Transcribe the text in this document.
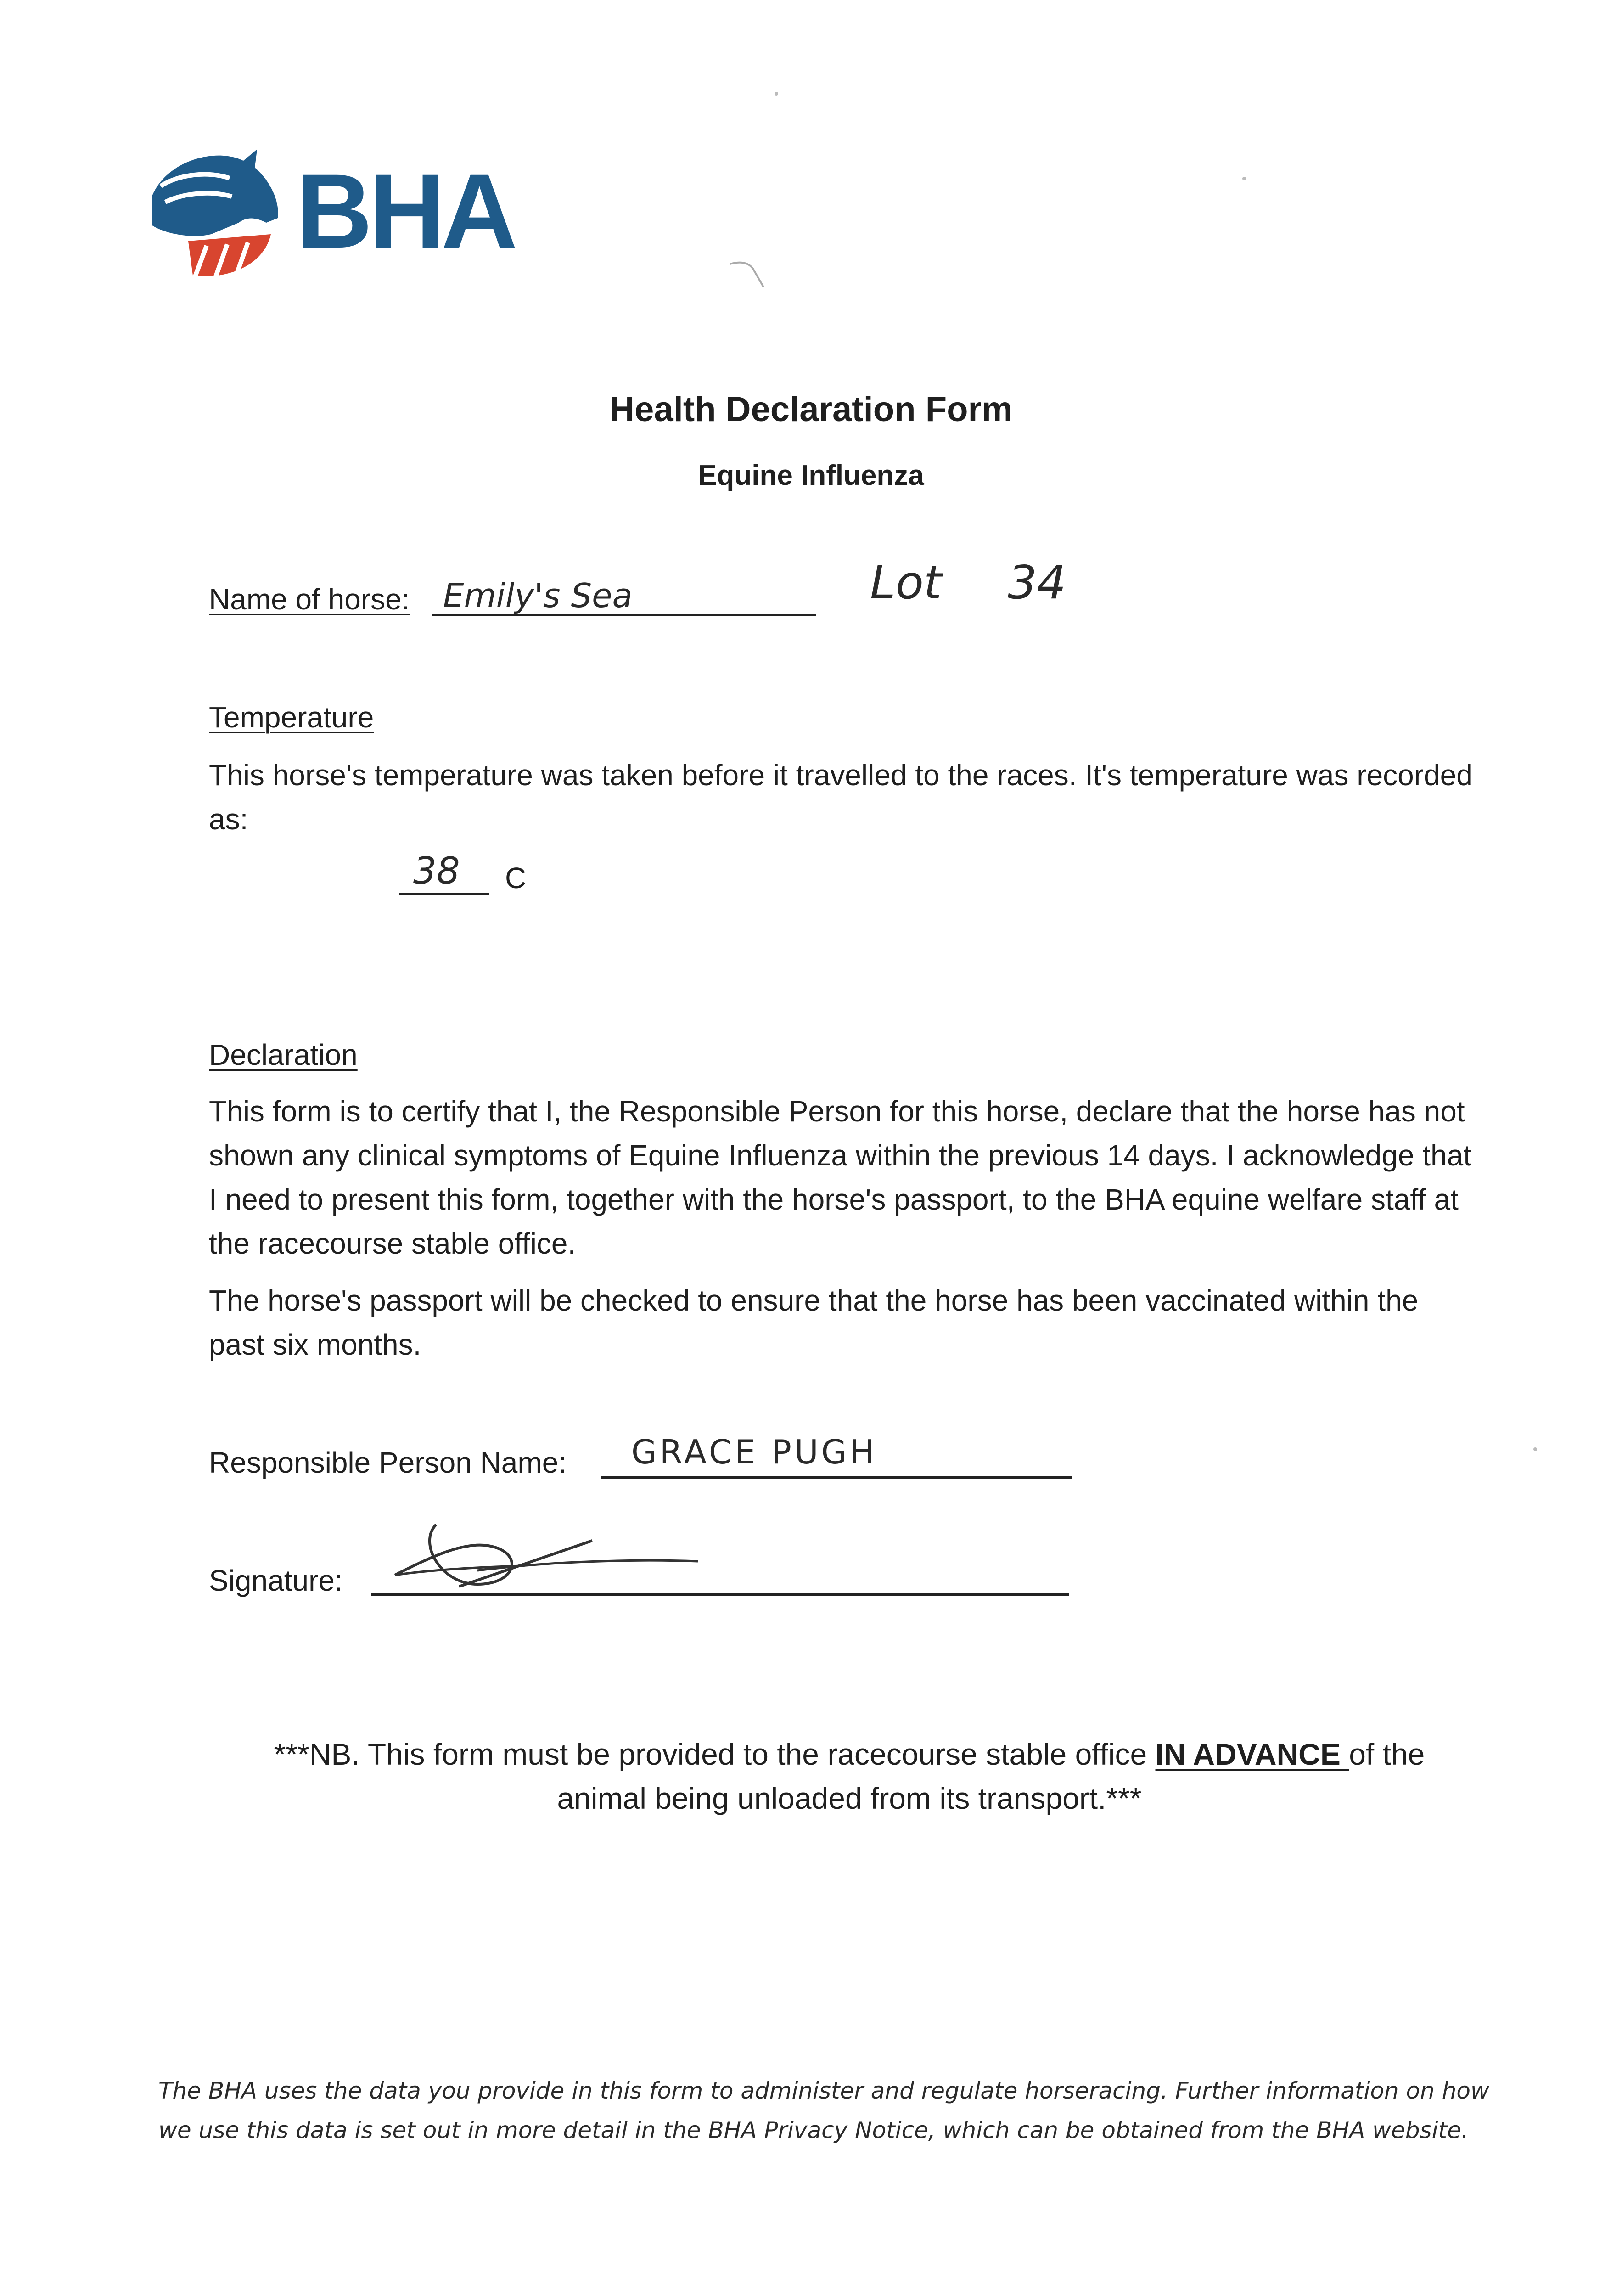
BHA
Health Declaration Form
Equine Influenza
Name of horse: Emily's Sea	Lot 34
Temperature
This horse's temperature was taken before it travelled to the races. It's temperature was recorded as:
38 C
Declaration
This form is to certify that I, the Responsible Person for this horse, declare that the horse has not shown any clinical symptoms of Equine Influenza within the previous 14 days. I acknowledge that I need to present this form, together with the horse's passport, to the BHA equine welfare staff at the racecourse stable office.
The horse's passport will be checked to ensure that the horse has been vaccinated within the past six months.
Responsible Person Name: GRACE PUGH
Signature:
***NB. This form must be provided to the racecourse stable office IN ADVANCE of the animal being unloaded from its transport.***
The BHA uses the data you provide in this form to administer and regulate horseracing. Further information on how we use this data is set out in more detail in the BHA Privacy Notice, which can be obtained from the BHA website.
